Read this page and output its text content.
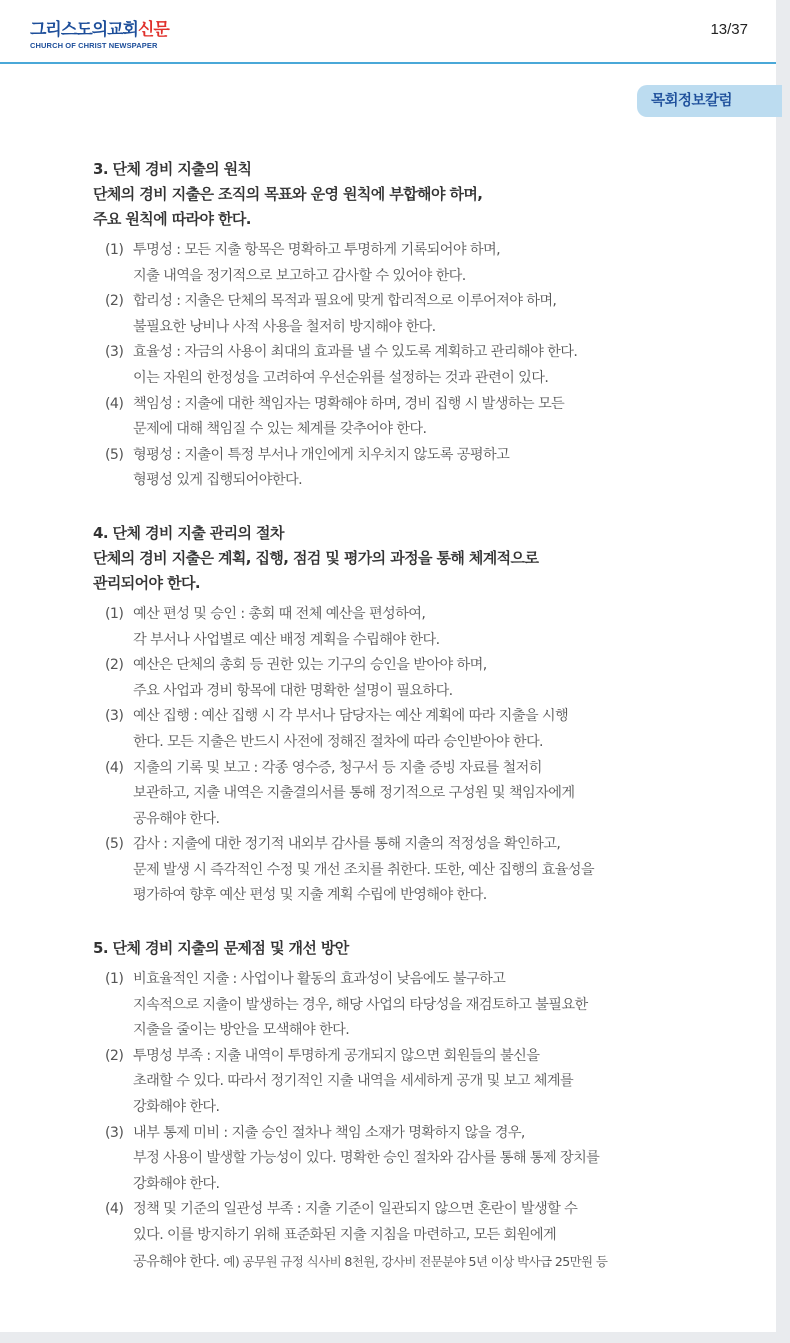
그리스도의교회신문
CHURCH OF CHRIST NEWSPAPER
13/37
목회정보칼럼

3. 단체 경비 지출의 원칙

단체의 경비 지출은 조직의 목표와 운영 원칙에 부합해야 하며,

주요 원칙에 따라야 한다.

(1) 투명성 : 모든 지출 항목은 명확하고 투명하게 기록되어야 하며,
지출 내역을 정기적으로 보고하고 감사할 수 있어야 한다.
(2) 합리성 : 지출은 단체의 목적과 필요에 맞게 합리적으로 이루어져야 하며,
불필요한 낭비나 사적 사용을 철저히 방지해야 한다.
(3) 효율성 : 자금의 사용이 최대의 효과를 낼 수 있도록 계획하고 관리해야 한다.
이는 자원의 한정성을 고려하여 우선순위를 설정하는 것과 관련이 있다.
(4) 책임성 : 지출에 대한 책임자는 명확해야 하며, 경비 집행 시 발생하는 모든
문제에 대해 책임질 수 있는 체계를 갖추어야 한다.
(5) 형평성 : 지출이 특정 부서나 개인에게 치우치지 않도록 공평하고
형평성 있게 집행되어야한다.

4. 단체 경비 지출 관리의 절차

단체의 경비 지출은 계획, 집행, 점검 및 평가의 과정을 통해 체계적으로

관리되어야 한다.

(1) 예산 편성 및 승인 : 총회 때 전체 예산을 편성하여,
각 부서나 사업별로 예산 배정 계획을 수립해야 한다.
(2) 예산은 단체의 총회 등 권한 있는 기구의 승인을 받아야 하며,
주요 사업과 경비 항목에 대한 명확한 설명이 필요하다.
(3) 예산 집행 : 예산 집행 시 각 부서나 담당자는 예산 계획에 따라 지출을 시행
한다. 모든 지출은 반드시 사전에 정해진 절차에 따라 승인받아야 한다.
(4) 지출의 기록 및 보고 : 각종 영수증, 청구서 등 지출 증빙 자료를 철저히
보관하고, 지출 내역은 지출결의서를 통해 정기적으로 구성원 및 책임자에게
공유해야 한다.
(5) 감사 : 지출에 대한 정기적 내외부 감사를 통해 지출의 적정성을 확인하고,
문제 발생 시 즉각적인 수정 및 개선 조치를 취한다. 또한, 예산 집행의 효율성을
평가하여 향후 예산 편성 및 지출 계획 수립에 반영해야 한다.

5. 단체 경비 지출의 문제점 및 개선 방안

(1) 비효율적인 지출 : 사업이나 활동의 효과성이 낮음에도 불구하고
지속적으로 지출이 발생하는 경우, 해당 사업의 타당성을 재검토하고 불필요한
지출을 줄이는 방안을 모색해야 한다.
(2) 투명성 부족 : 지출 내역이 투명하게 공개되지 않으면 회원들의 불신을
초래할 수 있다. 따라서 정기적인 지출 내역을 세세하게 공개 및 보고 체계를
강화해야 한다.
(3) 내부 통제 미비 : 지출 승인 절차나 책임 소재가 명확하지 않을 경우,
부정 사용이 발생할 가능성이 있다. 명확한 승인 절차와 감사를 통해 통제 장치를
강화해야 한다.
(4) 정책 및 기준의 일관성 부족 : 지출 기준이 일관되지 않으면 혼란이 발생할 수
있다. 이를 방지하기 위해 표준화된 지출 지침을 마련하고, 모든 회원에게
공유해야 한다. 예) 공무원 규정 식사비 8천원, 강사비 전문분야 5년 이상 박사급 25만원 등
